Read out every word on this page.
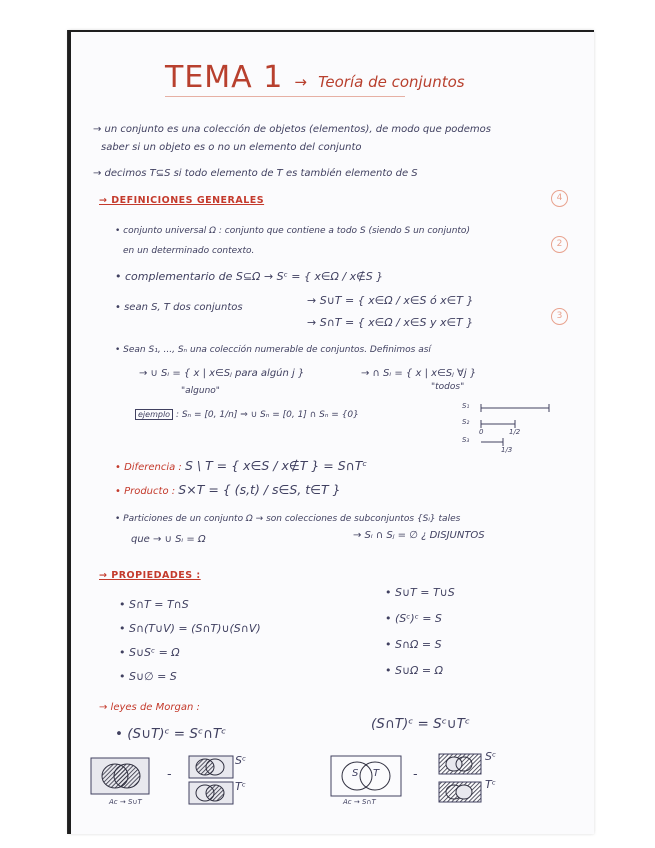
TEMA 1 → Teoría de conjuntos
→ un conjunto es una colección de objetos (elementos), de modo que podemos
saber si un objeto es o no un elemento del conjunto
→ decimos T⊆S si todo elemento de T es también elemento de S
4
2
3
→ DEFINICIONES GENERALES
• conjunto universal Ω : conjunto que contiene a todo S (siendo S un conjunto)
en un determinado contexto.
• complementario de S⊆Ω → Sᶜ = { x∈Ω / x∉S }
• sean S, T dos conjuntos
→ S∪T = { x∈Ω / x∈S ó x∈T }
→ S∩T = { x∈Ω / x∈S y x∈T }
• Sean S₁, ..., Sₙ una colección numerable de conjuntos. Definimos así
→ ∪ Sᵢ = { x | x∈Sⱼ para algún j }
"alguno"
→ ∩ Sᵢ = { x | x∈Sⱼ ∀j }
"todos"
ejemplo : Sₙ = [0, 1/n] ⇒ ∪ Sₙ = [0, 1] ∩ Sₙ = {0}
S₁
S₂
S₃
0	1/2
1/3
• Diferencia : S \ T = { x∈S / x∉T } = S∩Tᶜ
• Producto : S×T = { (s,t) / s∈S, t∈T }
• Particiones de un conjunto Ω → son colecciones de subconjuntos {Sᵢ} tales
que → ∪ Sᵢ = Ω	→ Sᵢ ∩ Sⱼ = ∅ ¿ DISJUNTOS
→ PROPIEDADES :
• S∩T = T∩S
• S∩(T∪V) = (S∩T)∪(S∩V)
• S∪Sᶜ = Ω
• S∪∅ = S
• S∪T = T∪S
• (Sᶜ)ᶜ = S
• S∩Ω = S
• S∪Ω = Ω
→ leyes de Morgan :
• (S∪T)ᶜ = Sᶜ∩Tᶜ
(S∩T)ᶜ = Sᶜ∪Tᶜ
-
Sᶜ
Tᶜ
Ac → S∪T
S T	-
Sᶜ
Tᶜ
Ac → S∩T
